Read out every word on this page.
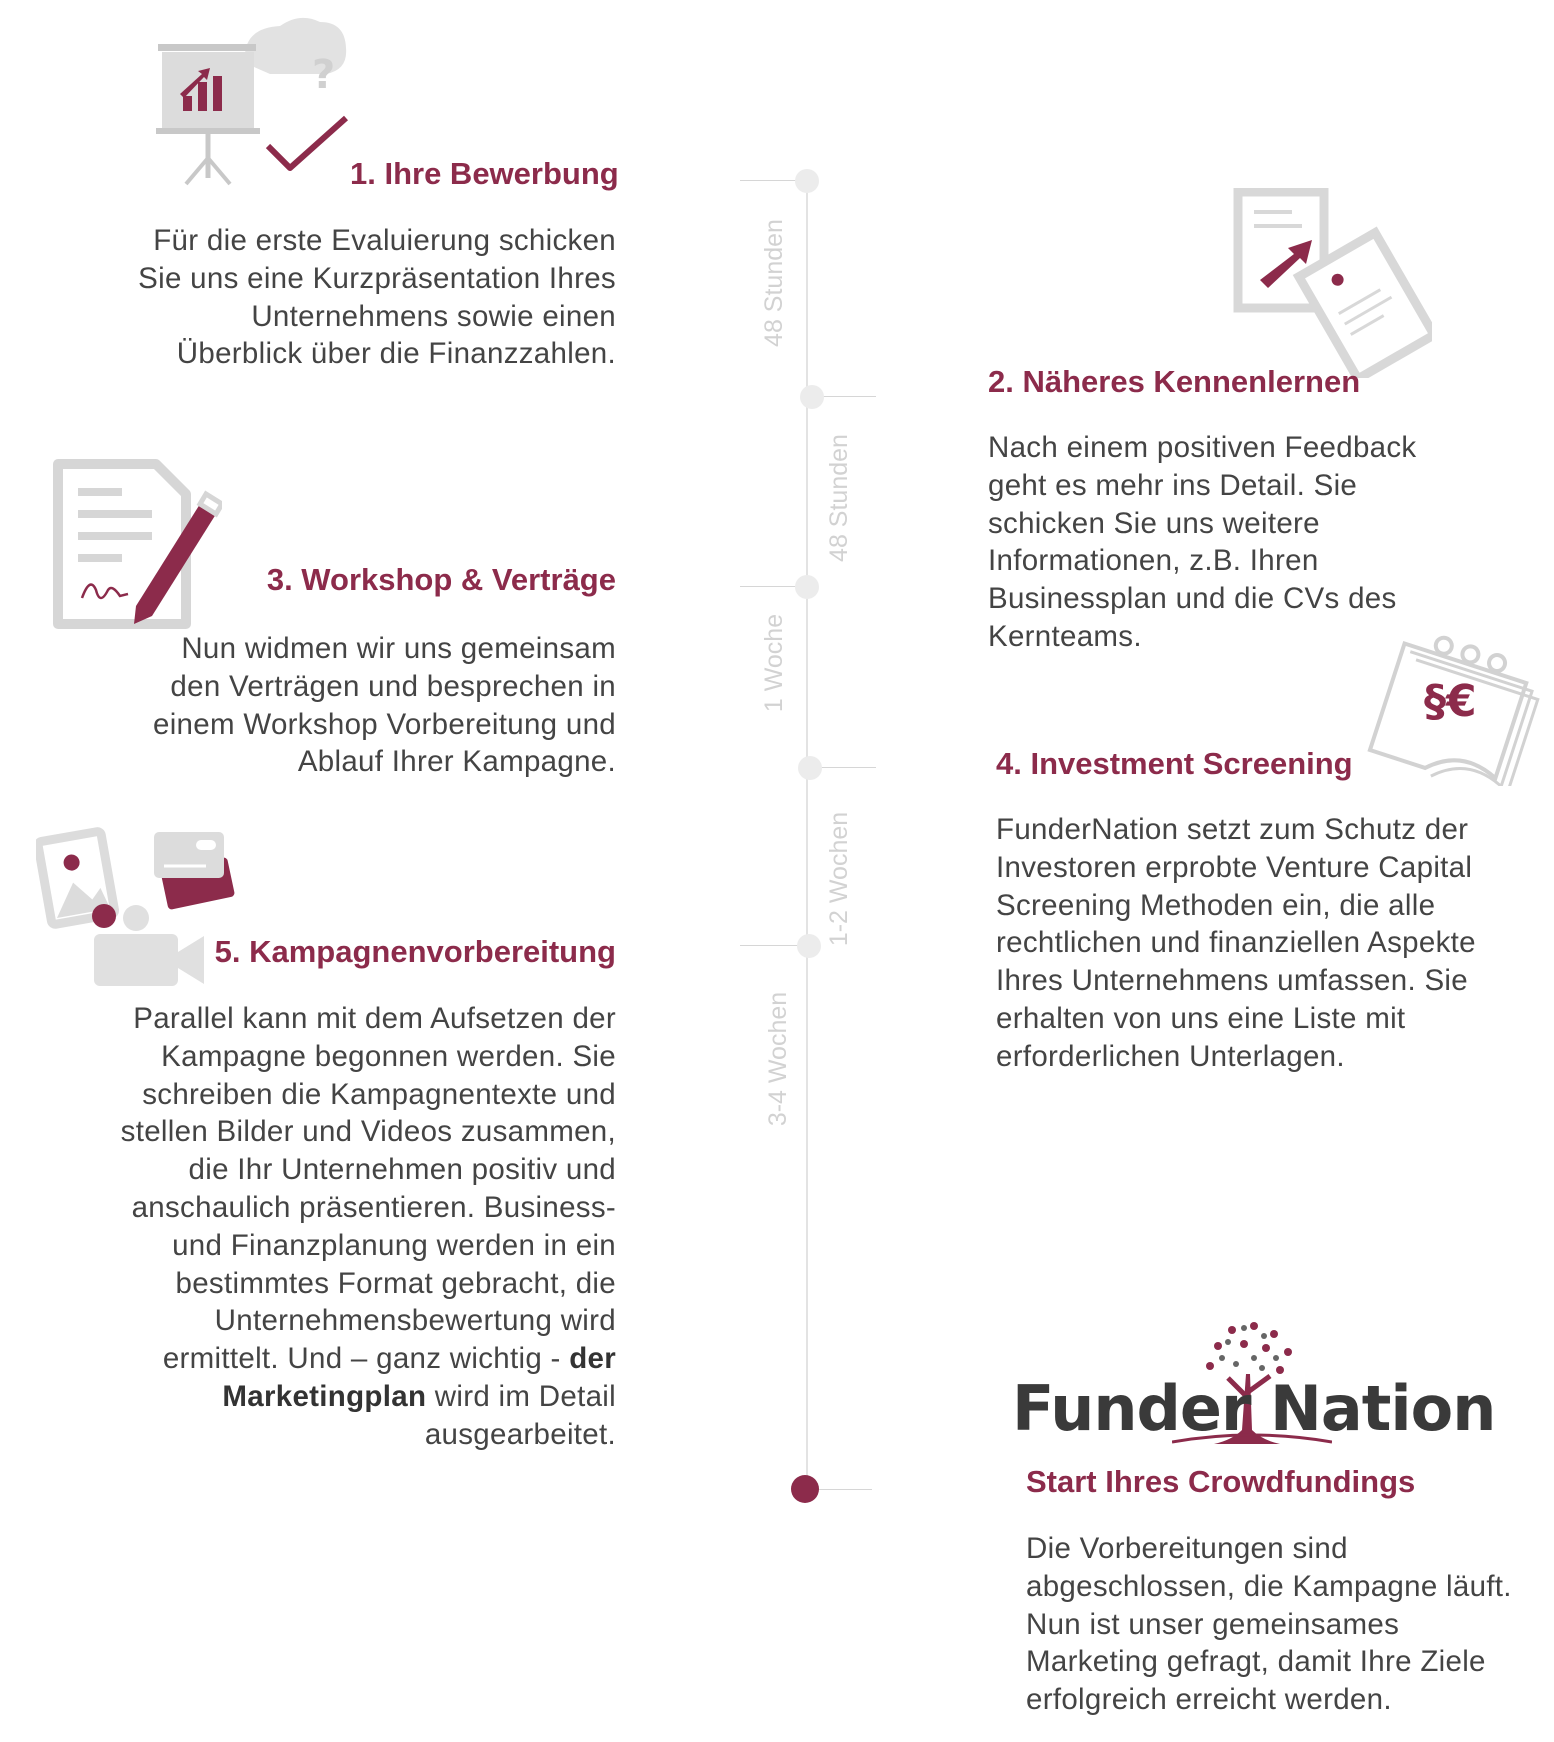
48 Stunden
48 Stunden
1 Woche
1-2 Wochen
3-4 Wochen
?
1. Ihre Bewerbung
Für die erste Evaluierung schicken
Sie uns eine Kurzpräsentation Ihres
Unternehmens sowie einen
Überblick über die Finanzzahlen.
2. Näheres Kennenlernen
Nach einem positiven Feedback
geht es mehr ins Detail. Sie
schicken Sie uns weitere
Informationen, z.B. Ihren
Businessplan und die CVs des
Kernteams.
3. Workshop & Verträge
Nun widmen wir uns gemeinsam
den Verträgen und besprechen in
einem Workshop Vorbereitung und
Ablauf Ihrer Kampagne.
§€
4. Investment Screening
FunderNation setzt zum Schutz der
Investoren erprobte Venture Capital
Screening Methoden ein, die alle
rechtlichen und finanziellen Aspekte
Ihres Unternehmens umfassen. Sie
erhalten von uns eine Liste mit
erforderlichen Unterlagen.
5. Kampagnenvorbereitung
Parallel kann mit dem Aufsetzen der
Kampagne begonnen werden. Sie
schreiben die Kampagnentexte und
stellen Bilder und Videos zusammen,
die Ihr Unternehmen positiv und
anschaulich präsentieren. Business-
und Finanzplanung werden in ein
bestimmtes Format gebracht, die
Unternehmensbewertung wird
ermittelt. Und – ganz wichtig - der
Marketingplan wird im Detail
ausgearbeitet.	Funder Nation
Start Ihres Crowdfundings
Die Vorbereitungen sind
abgeschlossen, die Kampagne läuft.
Nun ist unser gemeinsames
Marketing gefragt, damit Ihre Ziele
erfolgreich erreicht werden.
